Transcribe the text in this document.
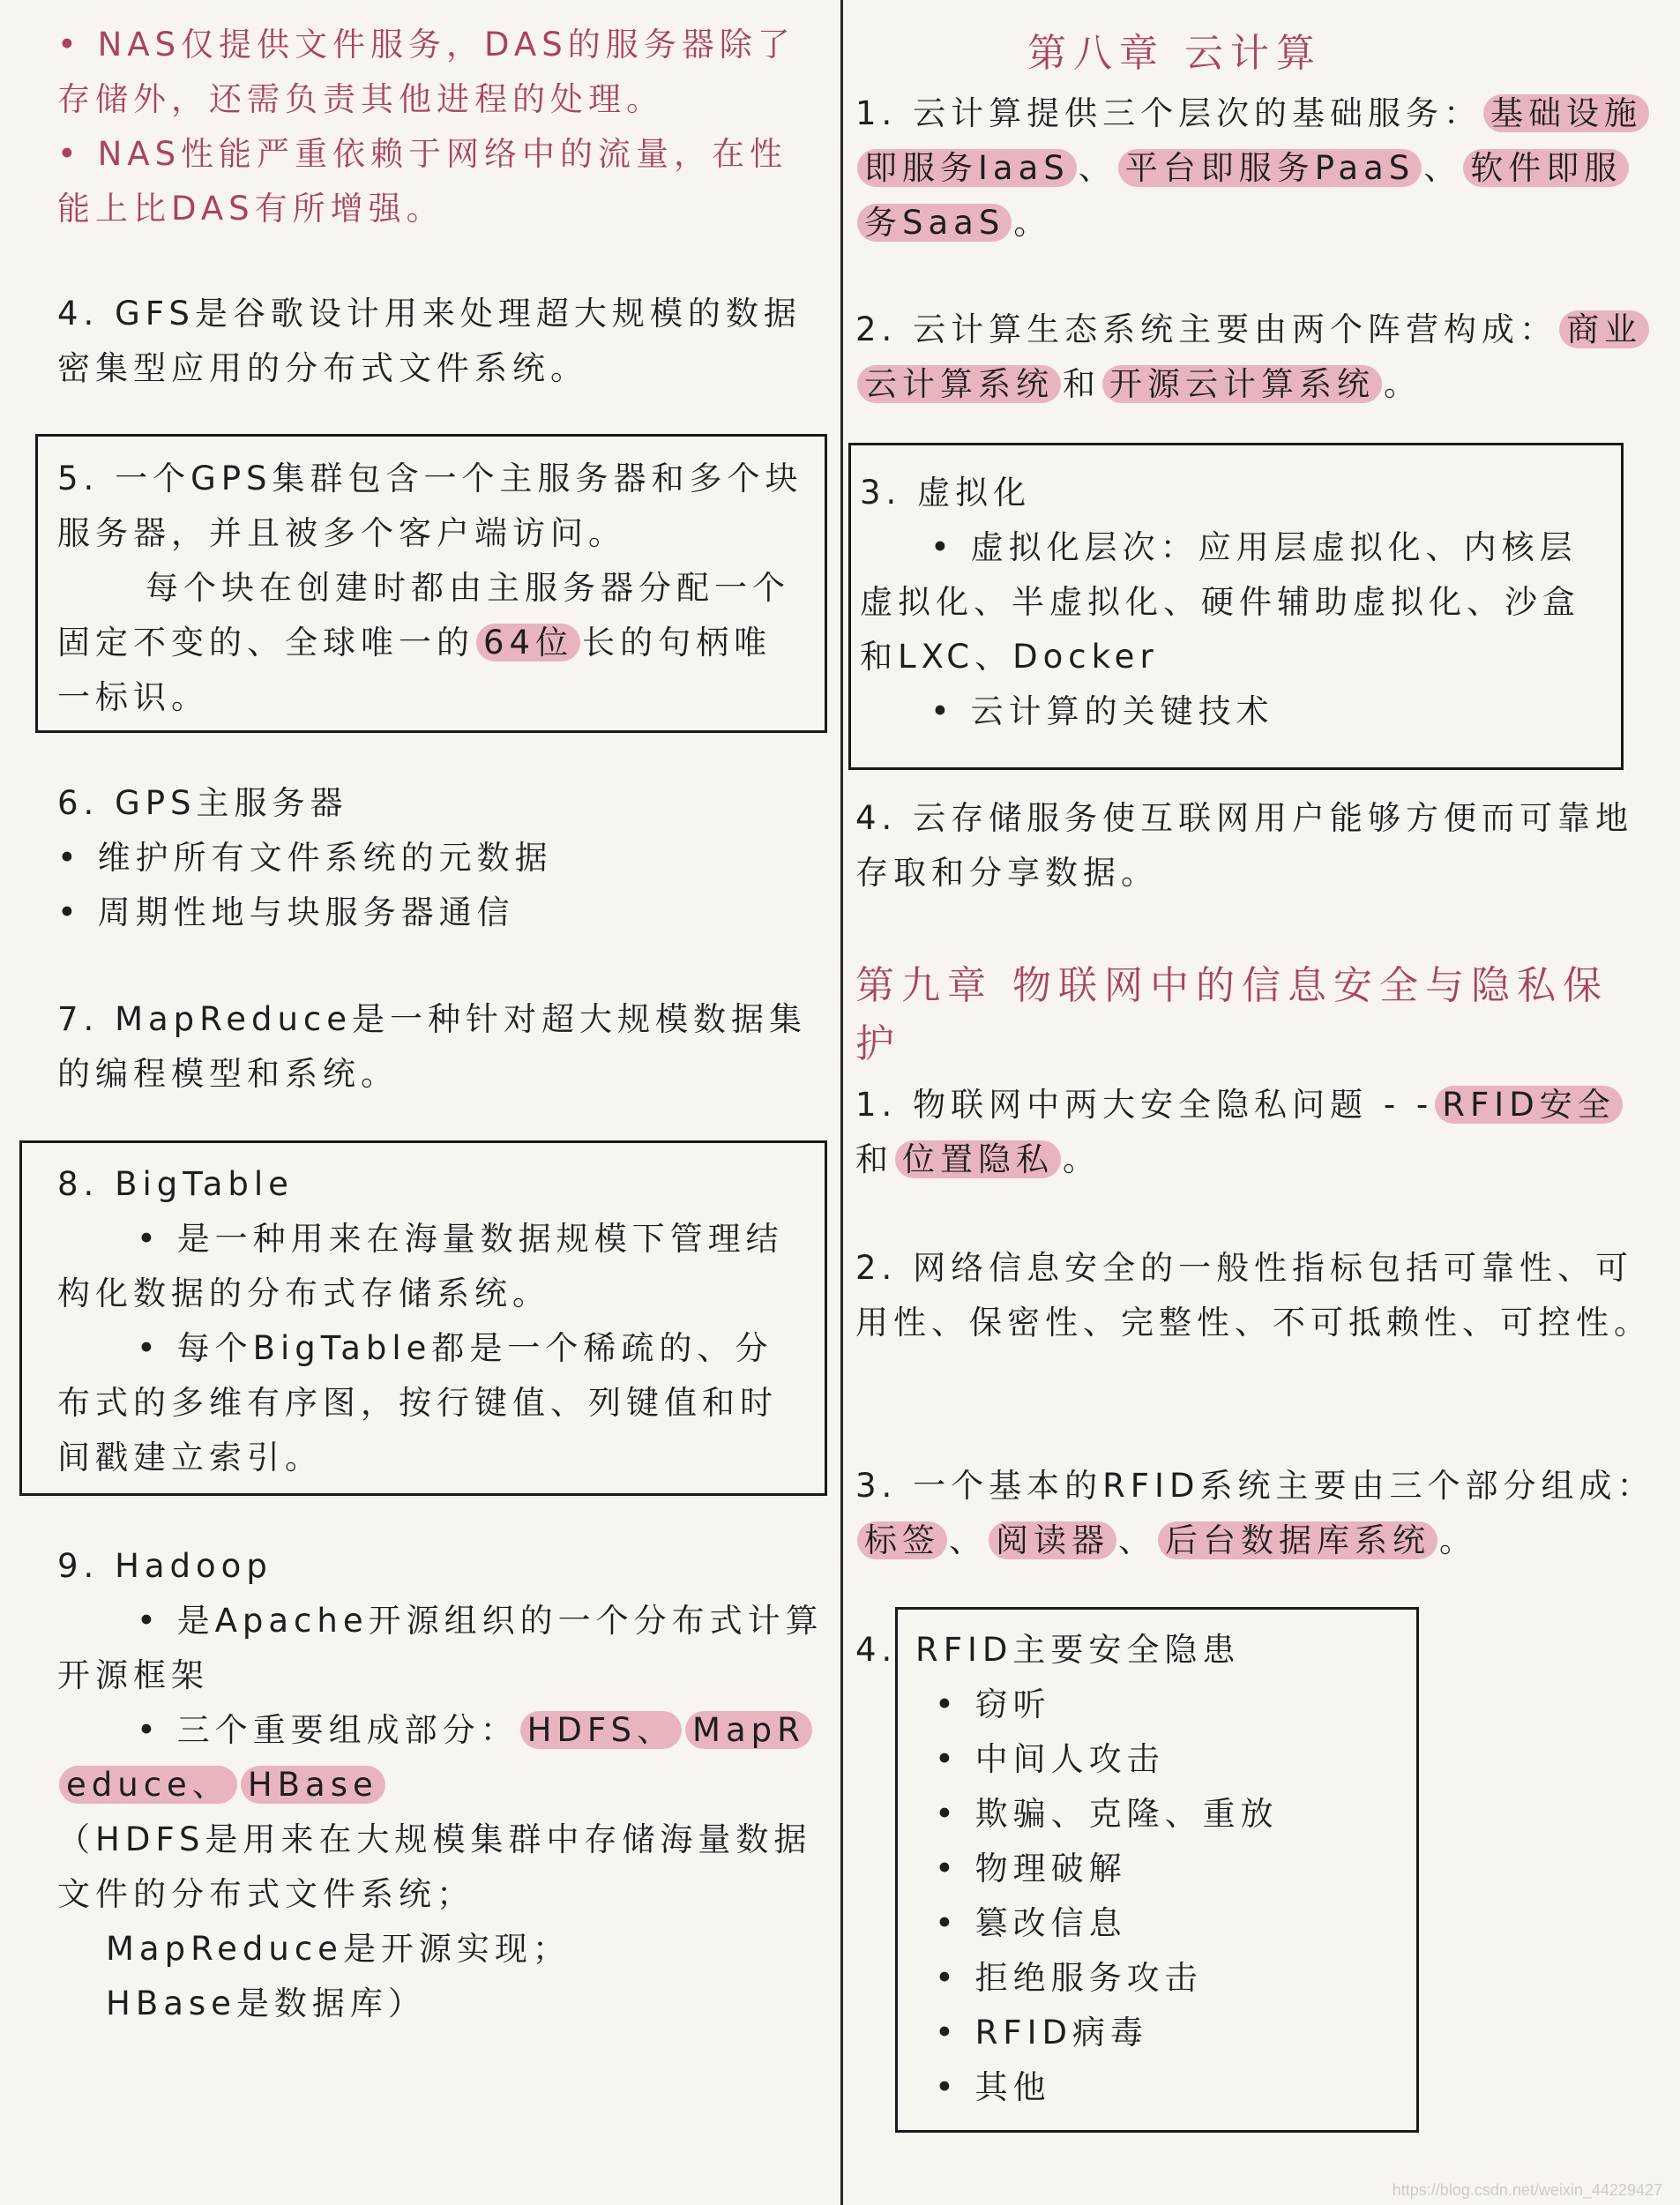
• NAS仅提供文件服务，DAS的服务器除了存储外，还需负责其他进程的处理。

• NAS性能严重依赖于网络中的流量，在性能上比DAS有所增强。

4. GFS是谷歌设计用来处理超大规模的数据密集型应用的分布式文件系统。

5. 一个GPS集群包含一个主服务器和多个块服务器，并且被多个客户端访问。
每个块在创建时都由主服务器分配一个固定不变的、全球唯一的 64位 长的句柄唯一标识。

6. GPS主服务器
• 维护所有文件系统的元数据
• 周期性地与块服务器通信

7. MapReduce是一种针对超大规模数据集的编程模型和系统。

8. BigTable
• 是一种用来在海量数据规模下管理结构化数据的分布式存储系统。
• 每个BigTable都是一个稀疏的、分布式的多维有序图，按行键值、列键值和时间戳建立索引。

9. Hadoop
• 是Apache开源组织的一个分布式计算开源框架
• 三个重要组成部分： HDFS、 MapReduce、 HBase
（HDFS是用来在大规模集群中存储海量数据文件的分布式文件系统；
MapReduce是开源实现；
HBase是数据库）

第八章 云计算

1. 云计算提供三个层次的基础服务： 基础设施即服务IaaS 、 平台即服务PaaS 、 软件即服务SaaS 。

2. 云计算生态系统主要由两个阵营构成： 商业云计算系统 和 开源云计算系统 。

3. 虚拟化
• 虚拟化层次：应用层虚拟化、内核层虚拟化、半虚拟化、硬件辅助虚拟化、沙盒和LXC、Docker
• 云计算的关键技术

4. 云存储服务使互联网用户能够方便而可靠地存取和分享数据。

第九章 物联网中的信息安全与隐私保护

1. 物联网中两大安全隐私问题 - - RFID安全和 位置隐私 。

2. 网络信息安全的一般性指标包括可靠性、可用性、保密性、完整性、不可抵赖性、可控性。

3. 一个基本的RFID系统主要由三个部分组成：标签 、 阅读器 、 后台数据库系统 。

4. RFID主要安全隐患
• 窃听
• 中间人攻击
• 欺骗、克隆、重放
• 物理破解
• 篡改信息
• 拒绝服务攻击
• RFID病毒
• 其他

https://blog.csdn.net/weixin_44229427
